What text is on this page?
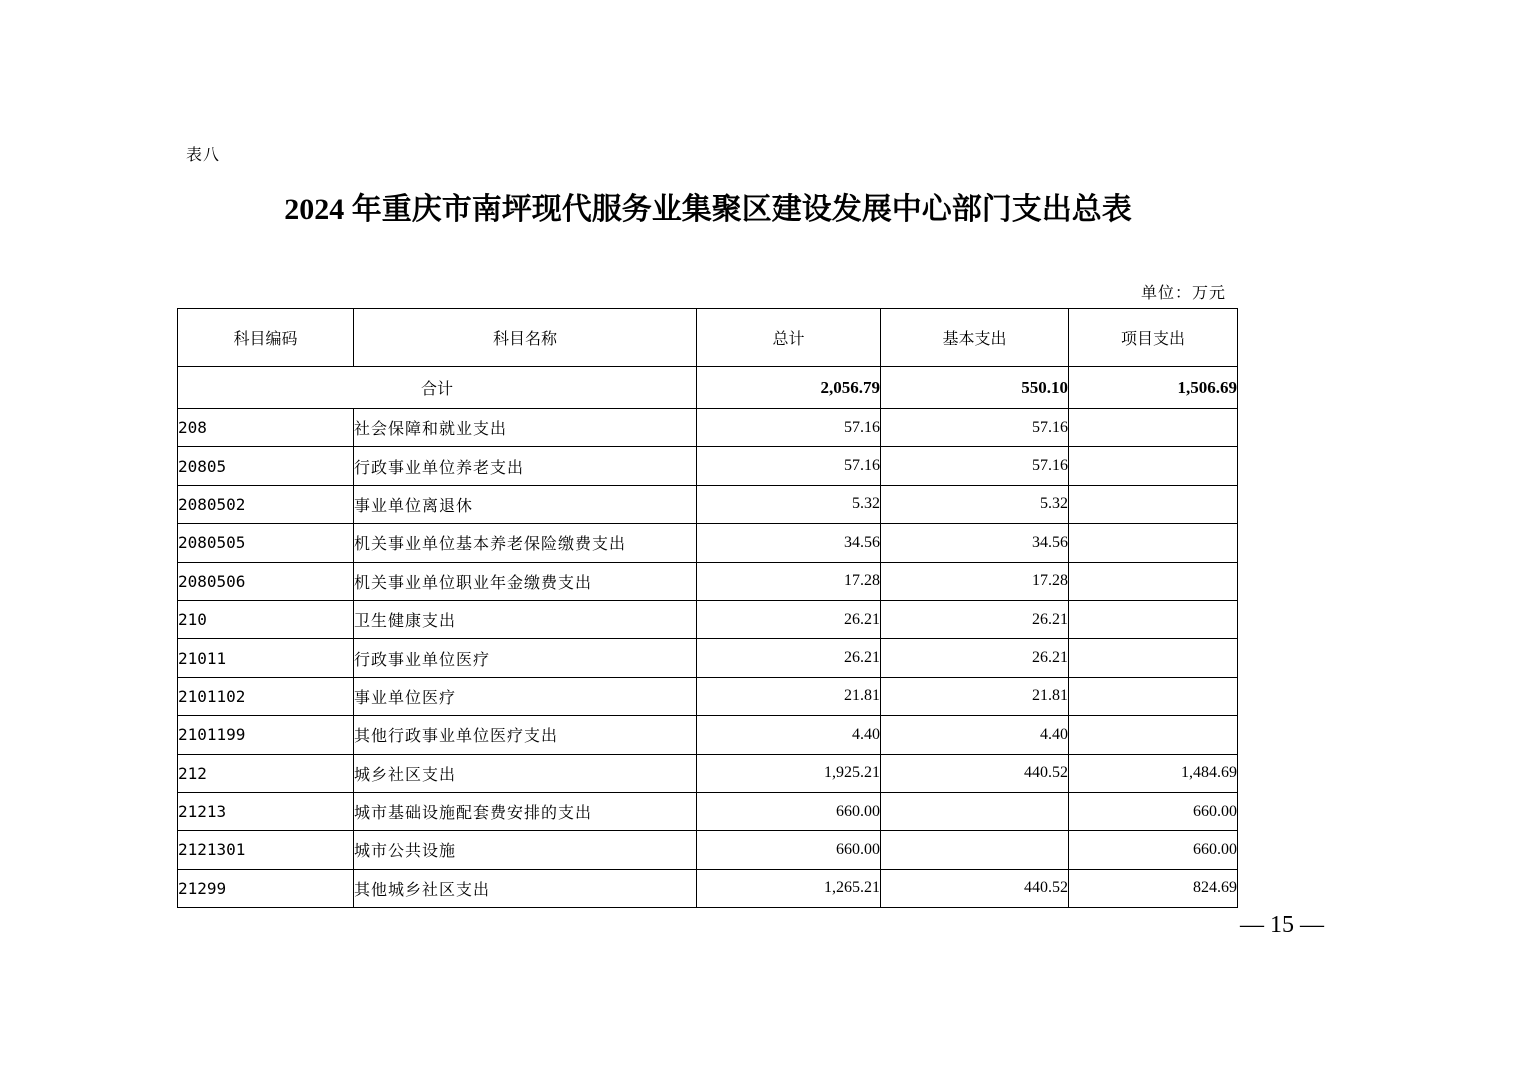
表八
2024 年重庆市南坪现代服务业集聚区建设发展中心部门支出总表
单位：万元
科目编码	科目名称	总计	基本支出	项目支出
合计		2,056.79	550.10	1,506.69
208	社会保障和就业支出	57.16	57.16	
20805	行政事业单位养老支出	57.16	57.16	
2080502	事业单位离退休	5.32	5.32	
2080505	机关事业单位基本养老保险缴费支出	34.56	34.56	
2080506	机关事业单位职业年金缴费支出	17.28	17.28	
210	卫生健康支出	26.21	26.21	
21011	行政事业单位医疗	26.21	26.21	
2101102	事业单位医疗	21.81	21.81	
2101199	其他行政事业单位医疗支出	4.40	4.40	
212	城乡社区支出	1,925.21	440.52	1,484.69
21213	城市基础设施配套费安排的支出	660.00		660.00
2121301	城市公共设施	660.00		660.00
21299	其他城乡社区支出	1,265.21	440.52	824.69
— 15 —
